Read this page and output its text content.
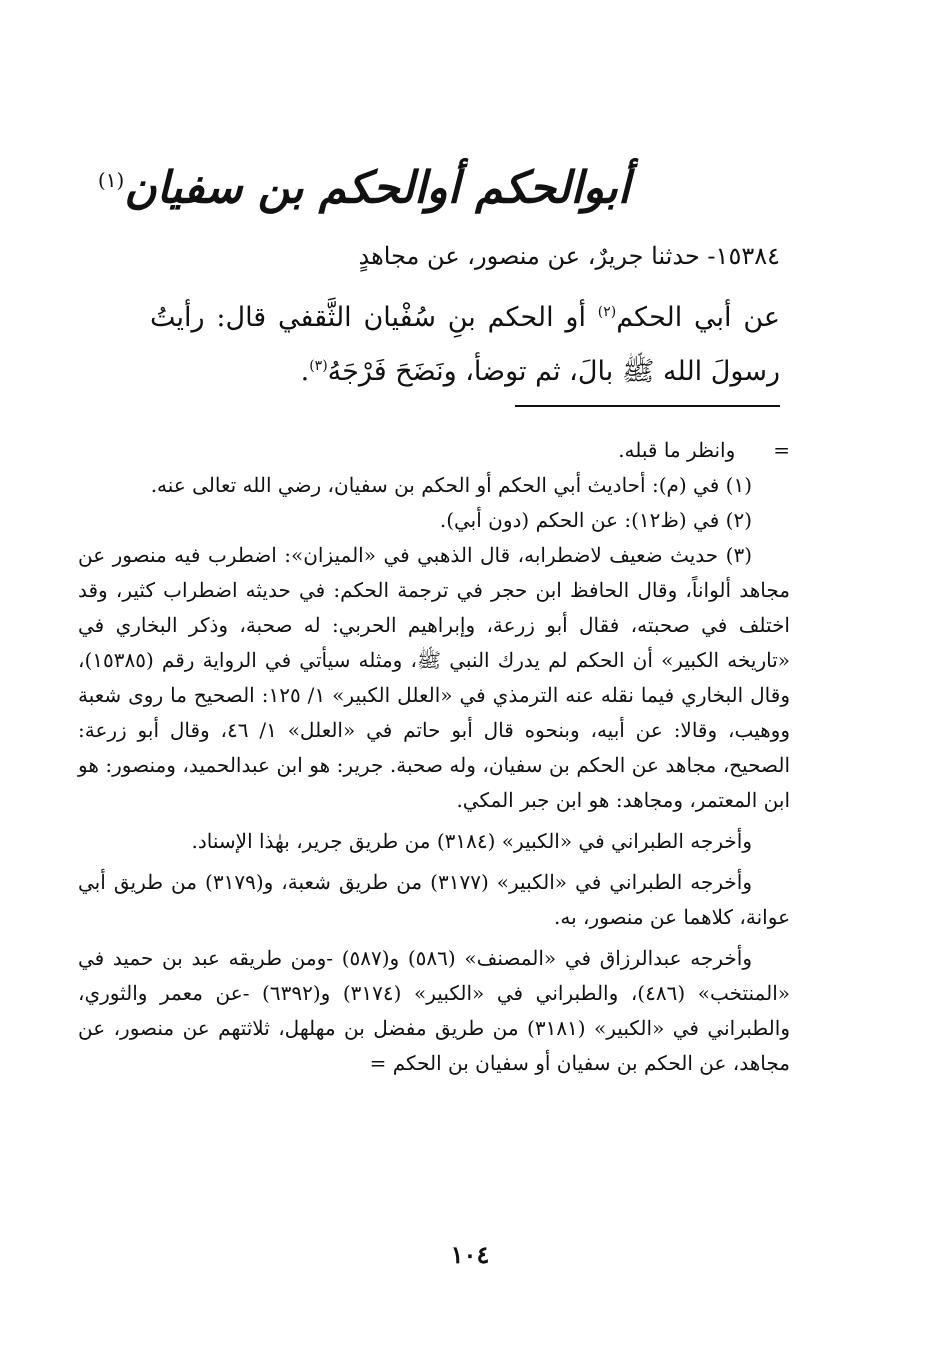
أبوالحكم أوالحكم بن سفيان$^{(١)}$
١٥٣٨٤- حدثنا جريرٌ، عن منصور، عن مجاهدٍ
عن أبي الحكم$^{(٢)}$ أو الحكم بنِ سُفْيان الثَّقفي قال: رأيتُ رسولَ الله ﷺ بالَ، ثم توضأ، ونَضَحَ فَرْجَهُ$^{(٣)}$.
=وانظر ما قبله.
(١) في (م): أحاديث أبي الحكم أو الحكم بن سفيان، رضي الله تعالى عنه.
(٢) في (ظ١٢): عن الحكم (دون أبي).
(٣) حديث ضعيف لاضطرابه، قال الذهبي في «الميزان»: اضطرب فيه منصور عن مجاهد ألواناً، وقال الحافظ ابن حجر في ترجمة الحكم: في حديثه اضطراب كثير، وقد اختلف في صحبته، فقال أبو زرعة، وإبراهيم الحربي: له صحبة، وذكر البخاري في «تاريخه الكبير» أن الحكم لم يدرك النبي ﷺ، ومثله سيأتي في الرواية رقم (١٥٣٨٥)، وقال البخاري فيما نقله عنه الترمذي في «العلل الكبير» ١/ ١٢٥: الصحيح ما روى شعبة ووهيب، وقالا: عن أبيه، وبنحوه قال أبو حاتم في «العلل» ١/ ٤٦، وقال أبو زرعة: الصحيح، مجاهد عن الحكم بن سفيان، وله صحبة. جرير: هو ابن عبدالحميد، ومنصور: هو ابن المعتمر، ومجاهد: هو ابن جبر المكي.
وأخرجه الطبراني في «الكبير» (٣١٨٤) من طريق جرير، بهٰذا الإسناد.
وأخرجه الطبراني في «الكبير» (٣١٧٧) من طريق شعبة، و(٣١٧٩) من طريق أبي عوانة، كلاهما عن منصور، به.
وأخرجه عبدالرزاق في «المصنف» (٥٨٦) و(٥٨٧) -ومن طريقه عبد بن حميد في «المنتخب» (٤٨٦)، والطبراني في «الكبير» (٣١٧٤) و(٦٣٩٢) -عن معمر والثوري، والطبراني في «الكبير» (٣١٨١) من طريق مفضل بن مهلهل، ثلاثتهم عن منصور، عن مجاهد، عن الحكم بن سفيان أو سفيان بن الحكم =
١٠٤
